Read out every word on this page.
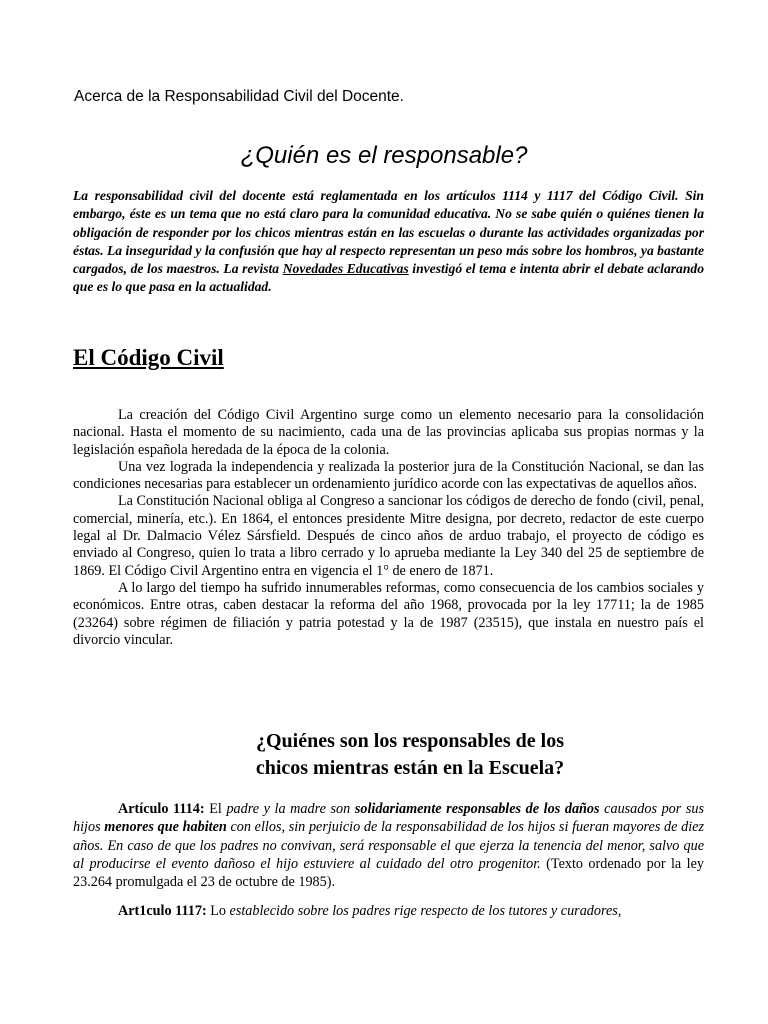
Acerca de la Responsabilidad Civil del Docente.
¿Quién es el responsable?
La responsabilidad civil del docente está reglamentada en los artículos 1114 y 1117 del Código Civil. Sin embargo, éste es un tema que no está claro para la comunidad educativa. No se sabe quién o quiénes tienen la obligación de responder por los chicos mientras están en las escuelas o durante las actividades organizadas por éstas. La inseguridad y la confusión que hay al respecto representan un peso más sobre los hombros, ya bastante cargados, de los maestros. La revista Novedades Educativas investigó el tema e intenta abrir el debate aclarando que es lo que pasa en la actualidad.
El Código Civil

La creación del Código Civil Argentino surge como un elemento necesario para la consolidación nacional. Hasta el momento de su nacimiento, cada una de las provincias aplicaba sus propias normas y la legislación española heredada de la época de la colonia.

Una vez lograda la independencia y realizada la posterior jura de la Constitución Nacional, se dan las condiciones necesarias para establecer un ordenamiento jurídico acorde con las expectativas de aquellos años.

La Constitución Nacional obliga al Congreso a sancionar los códigos de derecho de fondo (civil, penal, comercial, minería, etc.). En 1864, el entonces presidente Mitre designa, por decreto, redactor de este cuerpo legal al Dr. Dalmacio Vélez Sársfield. Después de cinco años de arduo trabajo, el proyecto de código es enviado al Congreso, quien lo trata a libro cerrado y lo aprueba mediante la Ley 340 del 25 de septiembre de 1869. El Código Civil Argentino entra en vigencia el 1° de enero de 1871.

A lo largo del tiempo ha sufrido innumerables reformas, como consecuencia de los cambios sociales y económicos. Entre otras, caben destacar la reforma del año 1968, provocada por la ley 17711; la de 1985 (23264) sobre régimen de filiación y patria potestad y la de 1987 (23515), que instala en nuestro país el divorcio vincular.

¿Quiénes son los responsables de los
chicos mientras están en la Escuela?

Artículo 1114: El padre y la madre son solidariamente responsables de los daños causados por sus hijos menores que habiten con ellos, sin perjuicio de la responsabilidad de los hijos si fueran mayores de diez años. En caso de que los padres no convivan, será responsable el que ejerza la tenencia del menor, salvo que al producirse el evento dañoso el hijo estuviere al cuidado del otro progenitor. (Texto ordenado por la ley 23.264 promulgada el 23 de octubre de 1985).

Art1culo 1117: Lo establecido sobre los padres rige respecto de los tutores y curadores,
